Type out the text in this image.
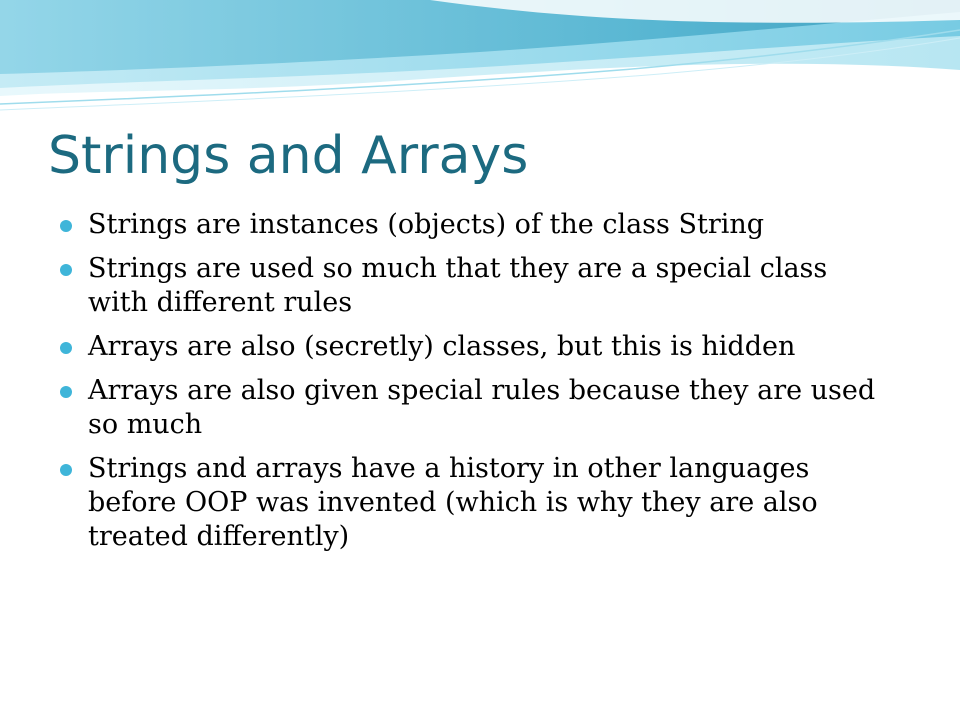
Strings and Arrays
Strings are instances (objects) of the class String
Strings are used so much that they are a special class with different rules
Arrays are also (secretly) classes, but this is hidden
Arrays are also given special rules because they are used so much
Strings and arrays have a history in other languages before OOP was invented (which is why they are also treated differently)
